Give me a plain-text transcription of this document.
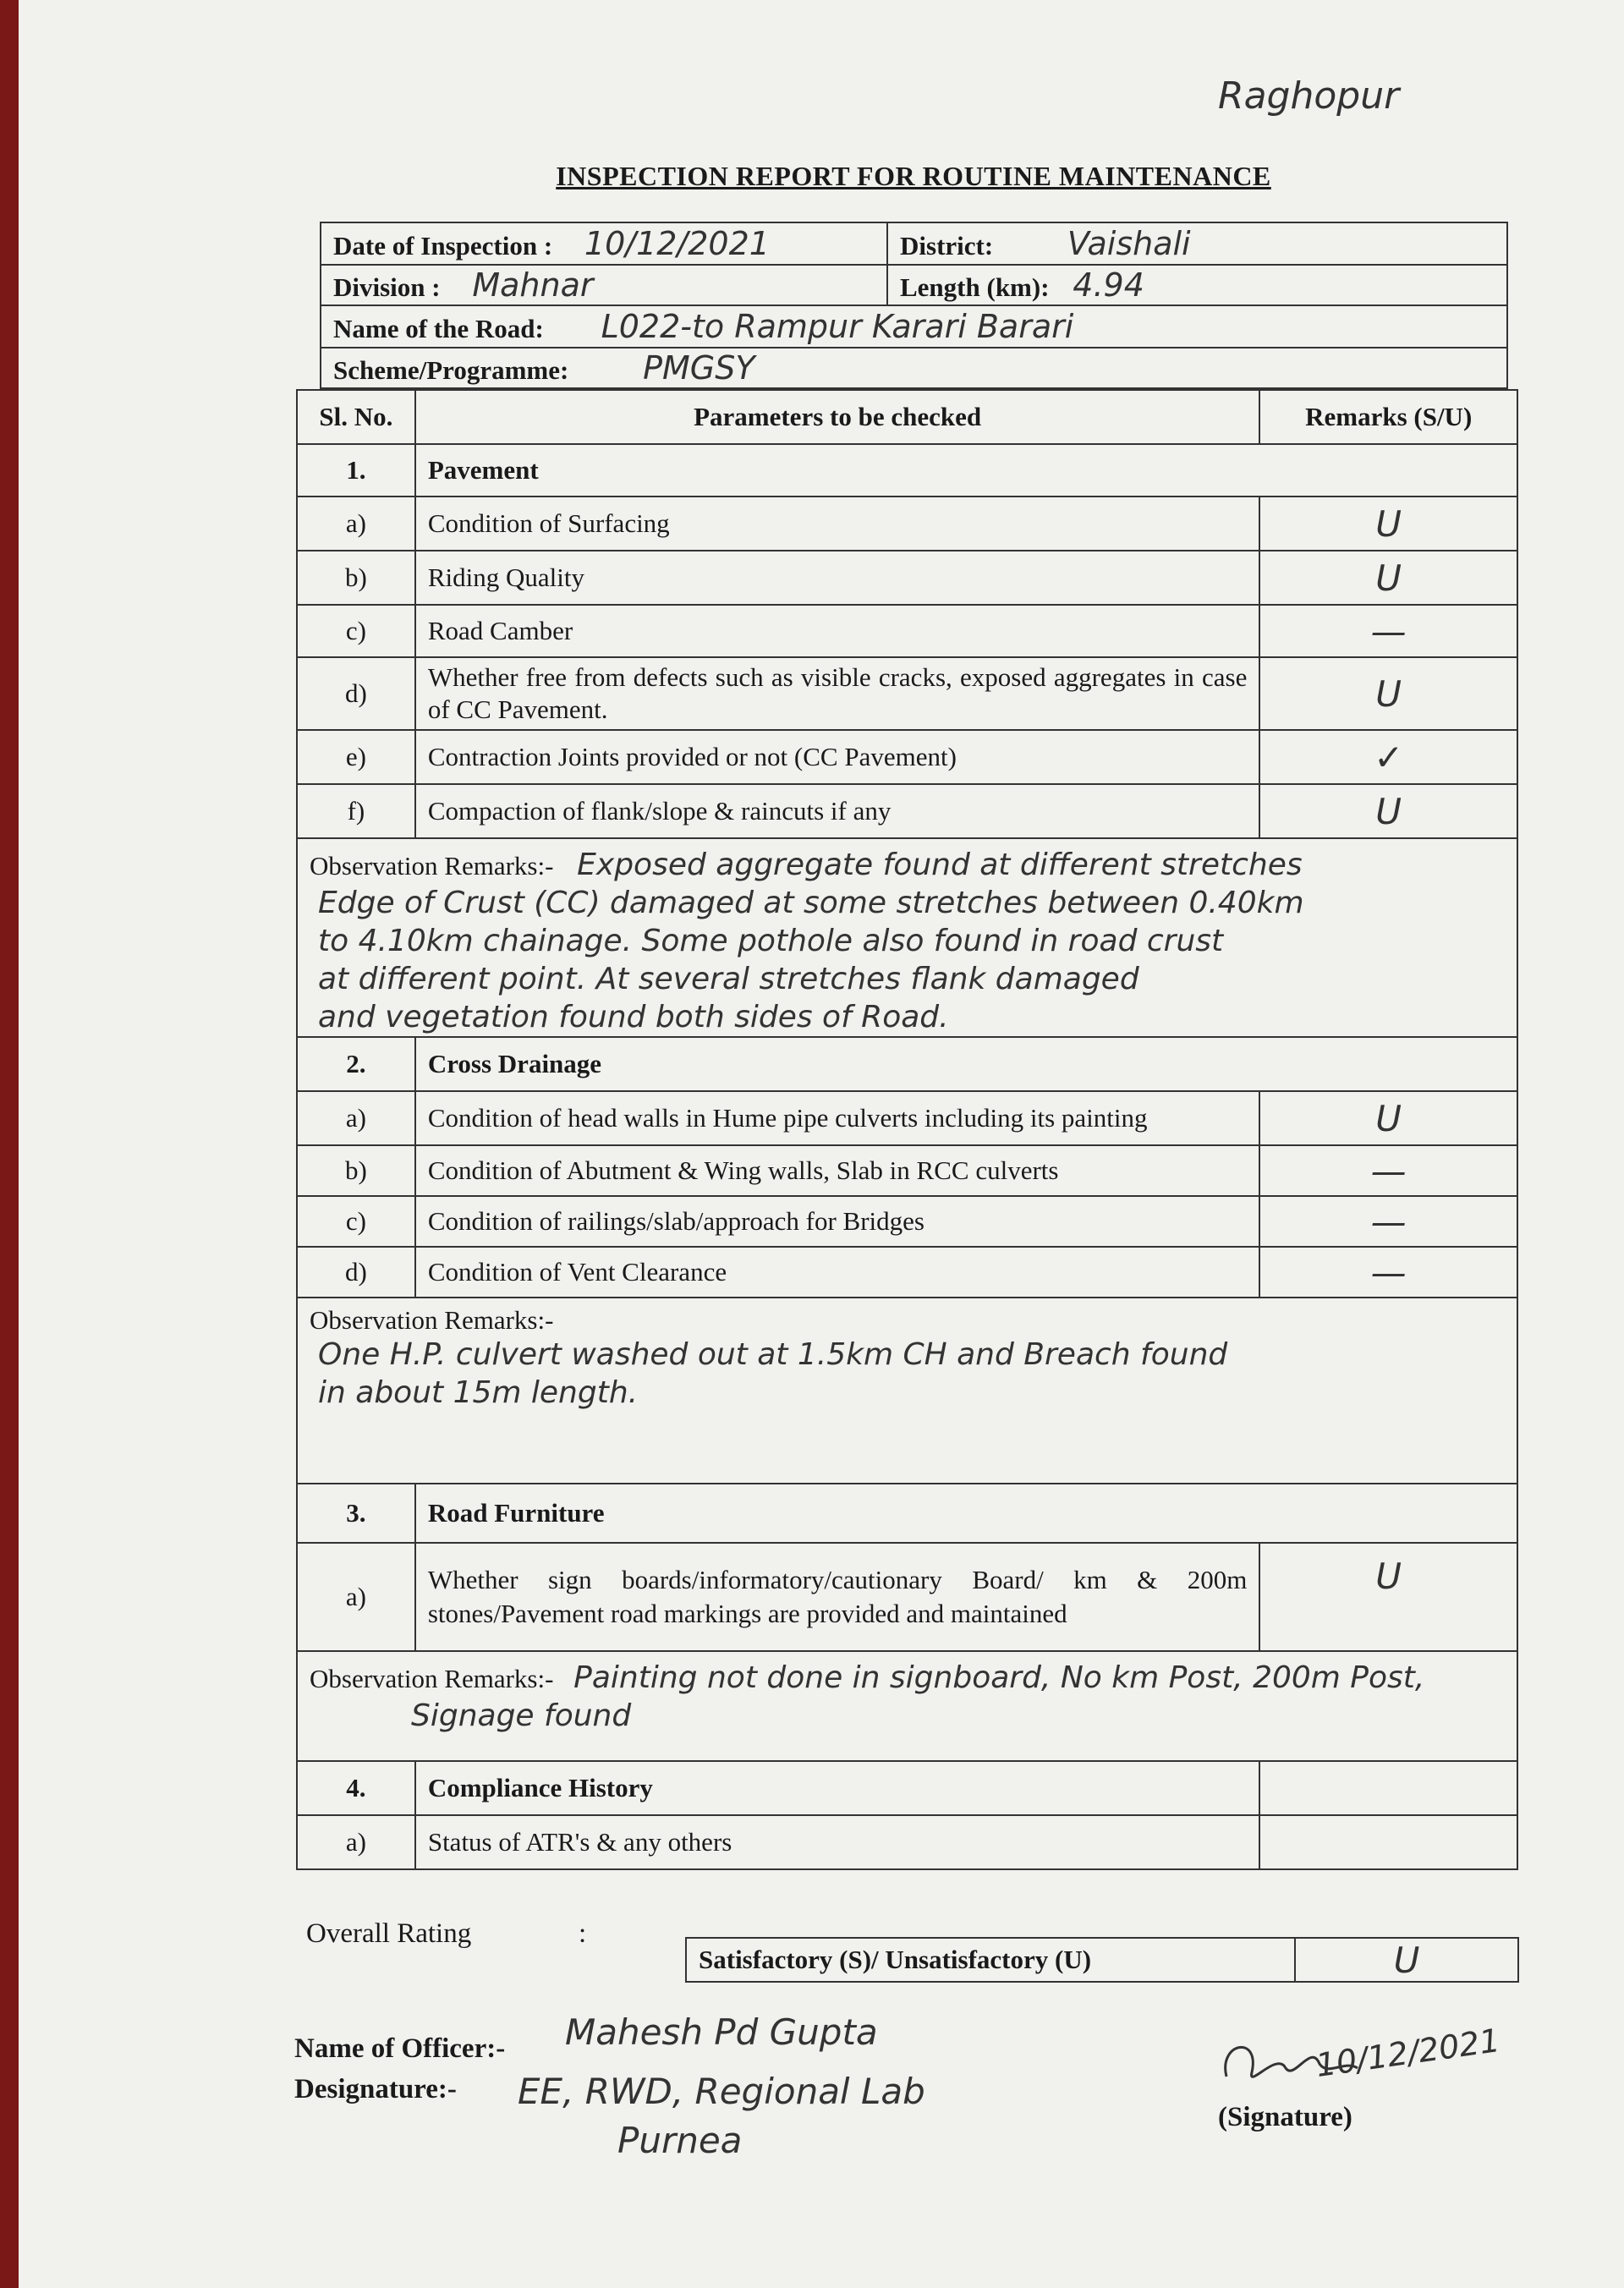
Raghopur
INSPECTION REPORT FOR ROUTINE MAINTENANCE
Date of Inspection : 10/12/2021	District: Vaishali
Division : Mahnar	Length (km): 4.94
Name of the Road: L022-to Rampur Karari Barari	
Scheme/Programme: PMGSY	
Sl. No.	Parameters to be checked	Remarks (S/U)
1.	Pavement	
a)	Condition of Surfacing	U
b)	Riding Quality	U
c)	Road Camber	—
d)	Whether free from defects such as visible cracks, exposed aggregates in case of CC Pavement.	U
e)	Contraction Joints provided or not (CC Pavement)	✓
f)	Compaction of flank/slope & raincuts if any	U
Observation Remarks:- Exposed aggregate found at different stretches
Edge of Crust (CC) damaged at some stretches between 0.40km
to 4.10km chainage. Some pothole also found in road crust
at different point. At several stretches flank damaged
and vegetation found both sides of Road.		

2.	Cross Drainage	
a)	Condition of head walls in Hume pipe culverts including its painting	U
b)	Condition of Abutment & Wing walls, Slab in RCC culverts	—
c)	Condition of railings/slab/approach for Bridges	—
d)	Condition of Vent Clearance	—
Observation Remarks:-
One H.P. culvert washed out at 1.5km CH and Breach found
in about 15m length.		

3.	Road Furniture	
a)	Whether sign boards/informatory/cautionary Board/ km & 200m stones/Pavement road markings are provided and maintained	U
Observation Remarks:- Painting not done in signboard, No km Post, 200m Post,
Signage found		

4.	Compliance History	
a)	Status of ATR's & any others	
Overall Rating	:
Satisfactory (S)/ Unsatisfactory (U)	U
Name of Officer:- Mahesh Pd Gupta
Designature:- EE, RWD, Regional Lab
Purnea
10/12/2021
(Signature)
